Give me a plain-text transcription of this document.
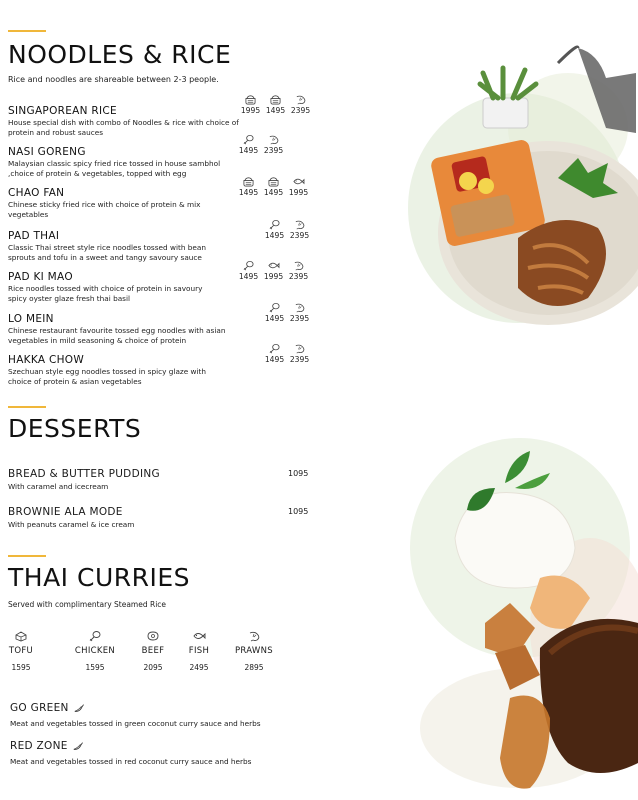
NOODLES & RICE
Rice and noodles are shareable between 2-3 people.
SINGAPOREAN RICE
House special dish with combo of Noodles & rice with choice of protein and robust sauces
1995 1495 2395
NASI GORENG
Malaysian classic spicy fried rice tossed in house sambhol ,choice of protein & vegetables, topped with egg
1495 2395
CHAO FAN
Chinese sticky fried rice with choice of protein & mix vegetables
1495 1495 1995
PAD THAI
Classic Thai street style rice noodles tossed with bean sprouts and tofu in a sweet and tangy savoury sauce
1495 2395
PAD KI MAO
Rice noodles tossed with choice of protein in savoury spicy oyster glaze fresh thai basil
1495 1995 2395
LO MEIN
Chinese restaurant favourite tossed egg noodles with asian vegetables in mild seasoning & choice of protein
1495 2395
HAKKA CHOW
Szechuan style egg noodles tossed in spicy glaze with choice of protein & asian vegetables
1495 2395
DESSERTS
BREAD & BUTTER PUDDING
With caramel and icecream
1095
BROWNIE ALA MODE
With peanuts caramel & ice cream
1095
THAI CURRIES
Served with complimentary Steamed Rice
TOFU
1595
CHICKEN
1595
BEEF
2095
FISH
2495
PRAWNS
2895
GO GREEN
Meat and vegetables tossed in green coconut curry sauce and herbs
RED ZONE
Meat and vegetables tossed in red coconut curry sauce and herbs
